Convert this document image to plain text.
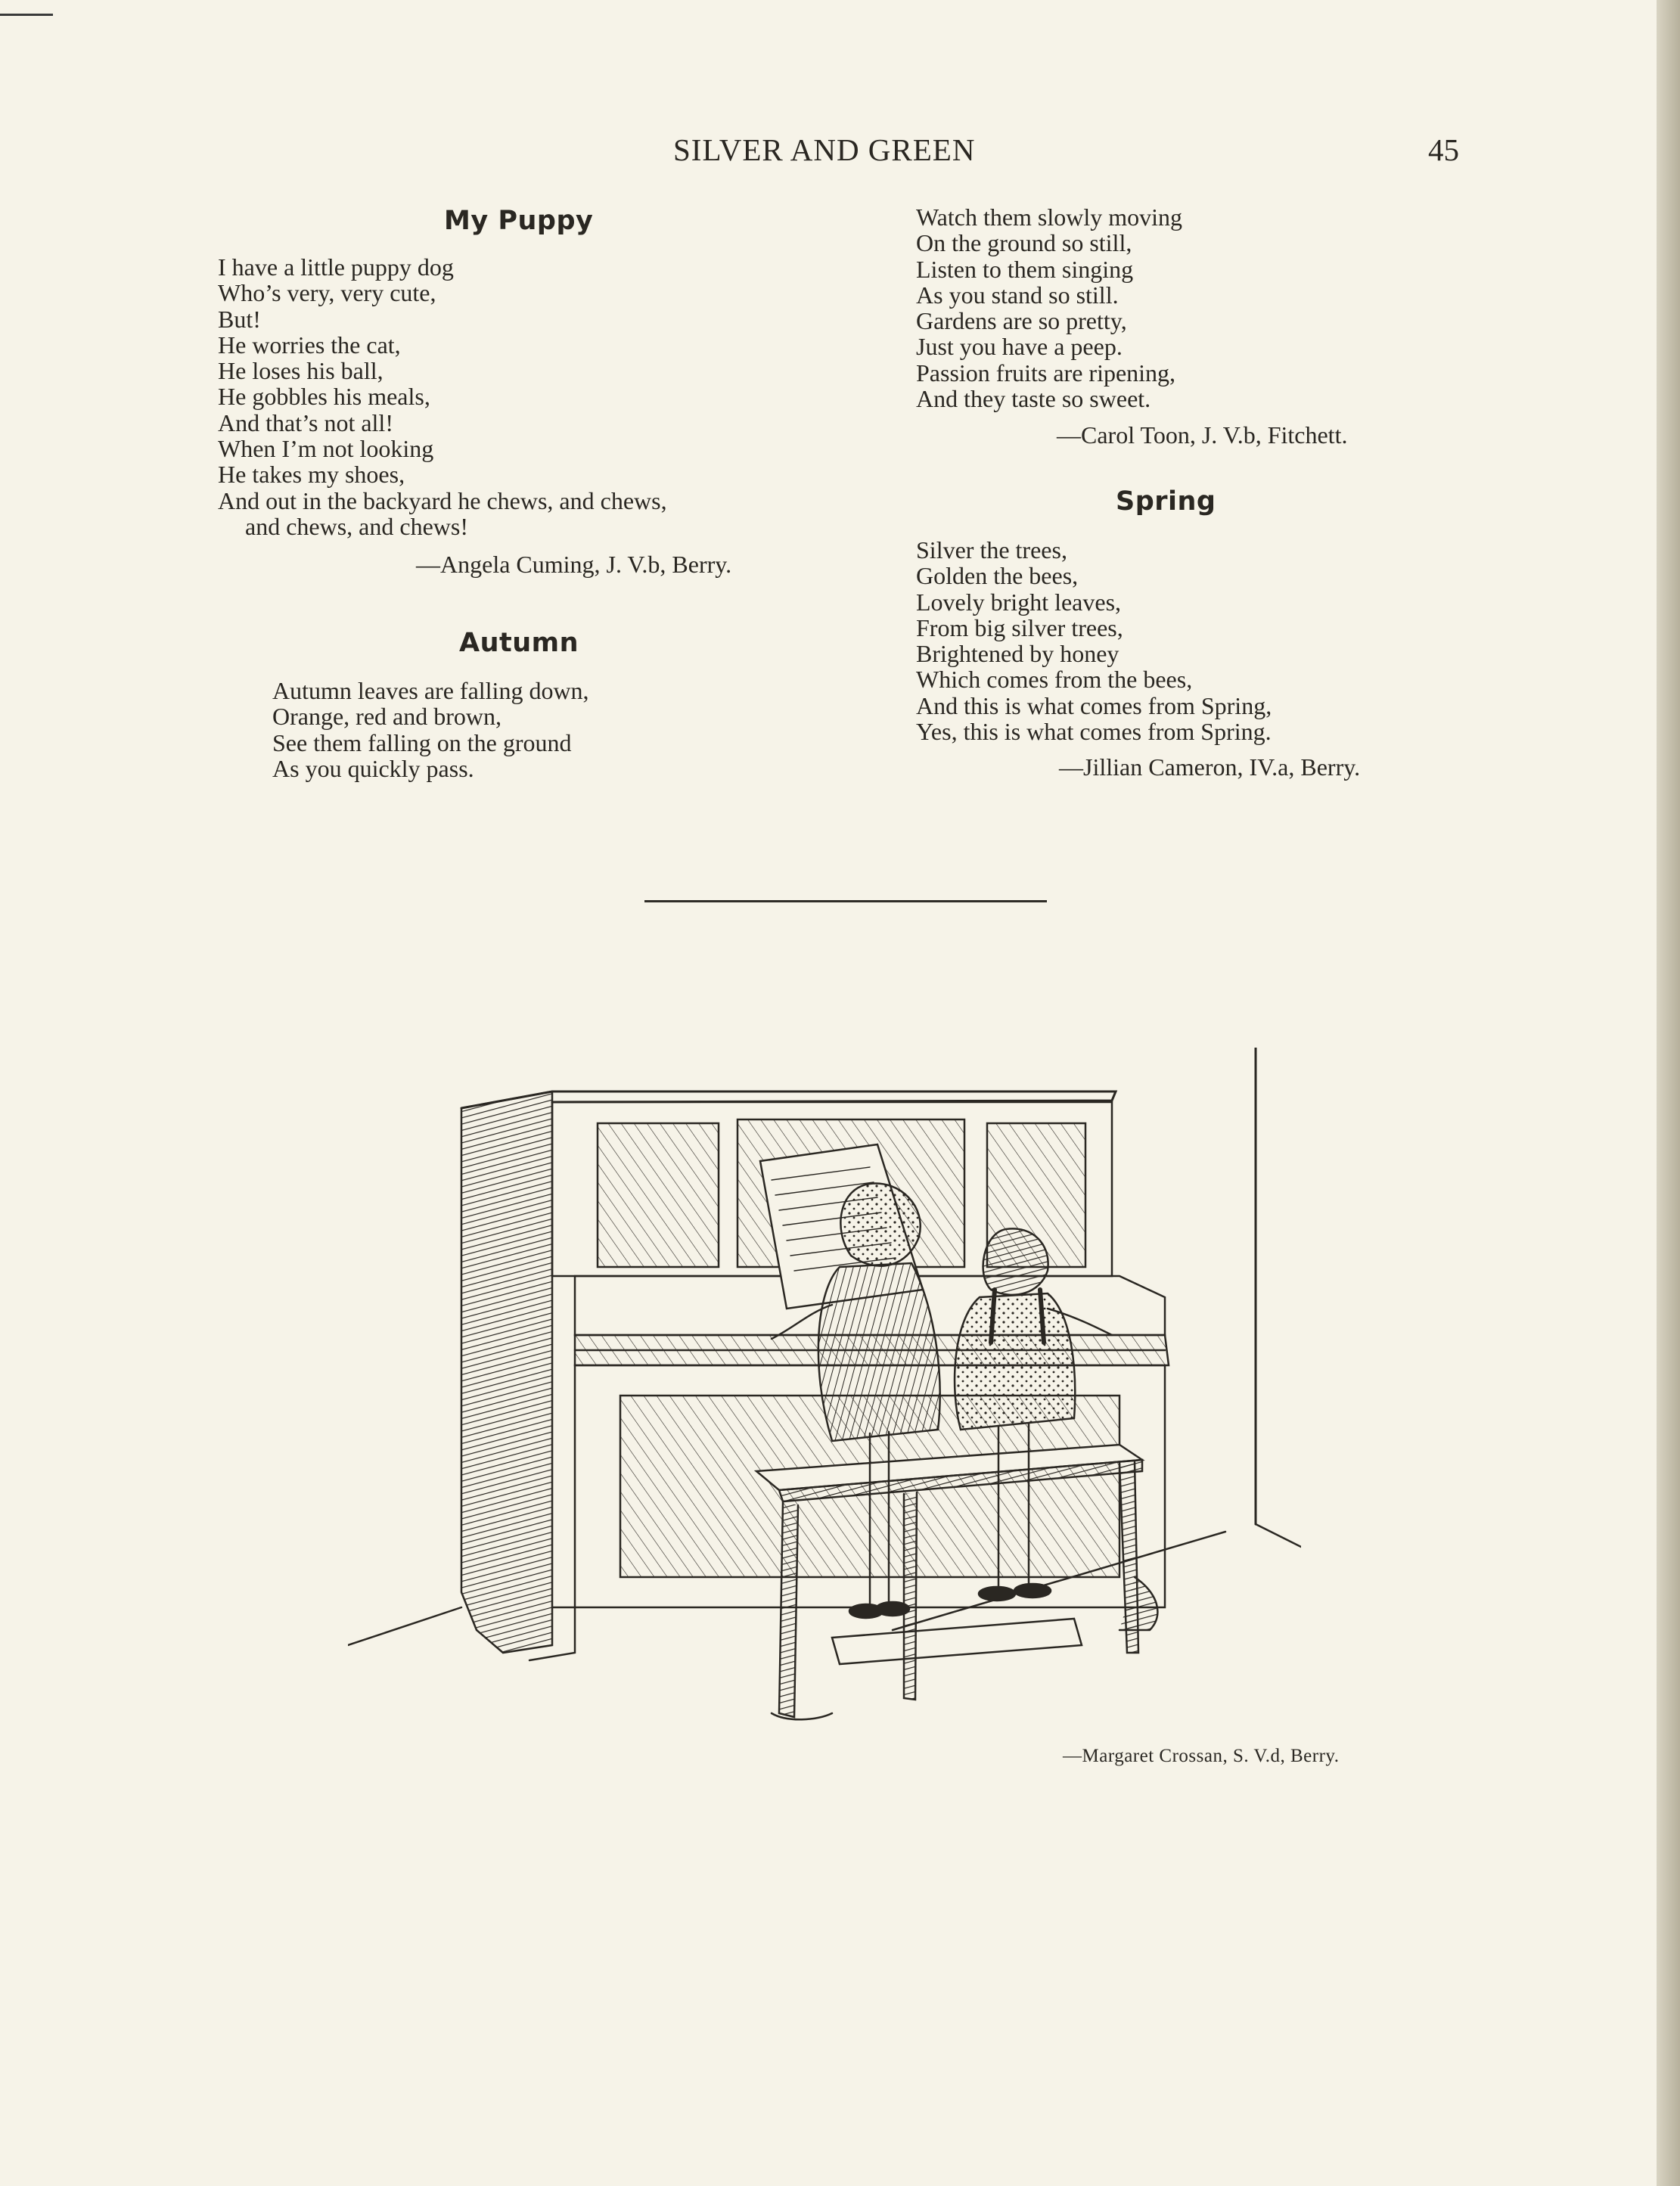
SILVER AND GREEN	45
My Puppy
I have a little puppy dog
Who’s very, very cute,
But!
He worries the cat,
He loses his ball,
He gobbles his meals,
And that’s not all!
When I’m not looking
He takes my shoes,
And out in the backyard he chews, and chews,
and chews, and chews!
—Angela Cuming, J. V.b, Berry.
Autumn
Autumn leaves are falling down,
Orange, red and brown,
See them falling on the ground
As you quickly pass.
Watch them slowly moving
On the ground so still,
Listen to them singing
As you stand so still.
Gardens are so pretty,
Just you have a peep.
Passion fruits are ripening,
And they taste so sweet.
—Carol Toon, J. V.b, Fitchett.
Spring
Silver the trees,
Golden the bees,
Lovely bright leaves,
From big silver trees,
Brightened by honey
Which comes from the bees,
And this is what comes from Spring,
Yes, this is what comes from Spring.
—Jillian Cameron, IV.a, Berry.
—Margaret Crossan, S. V.d, Berry.
